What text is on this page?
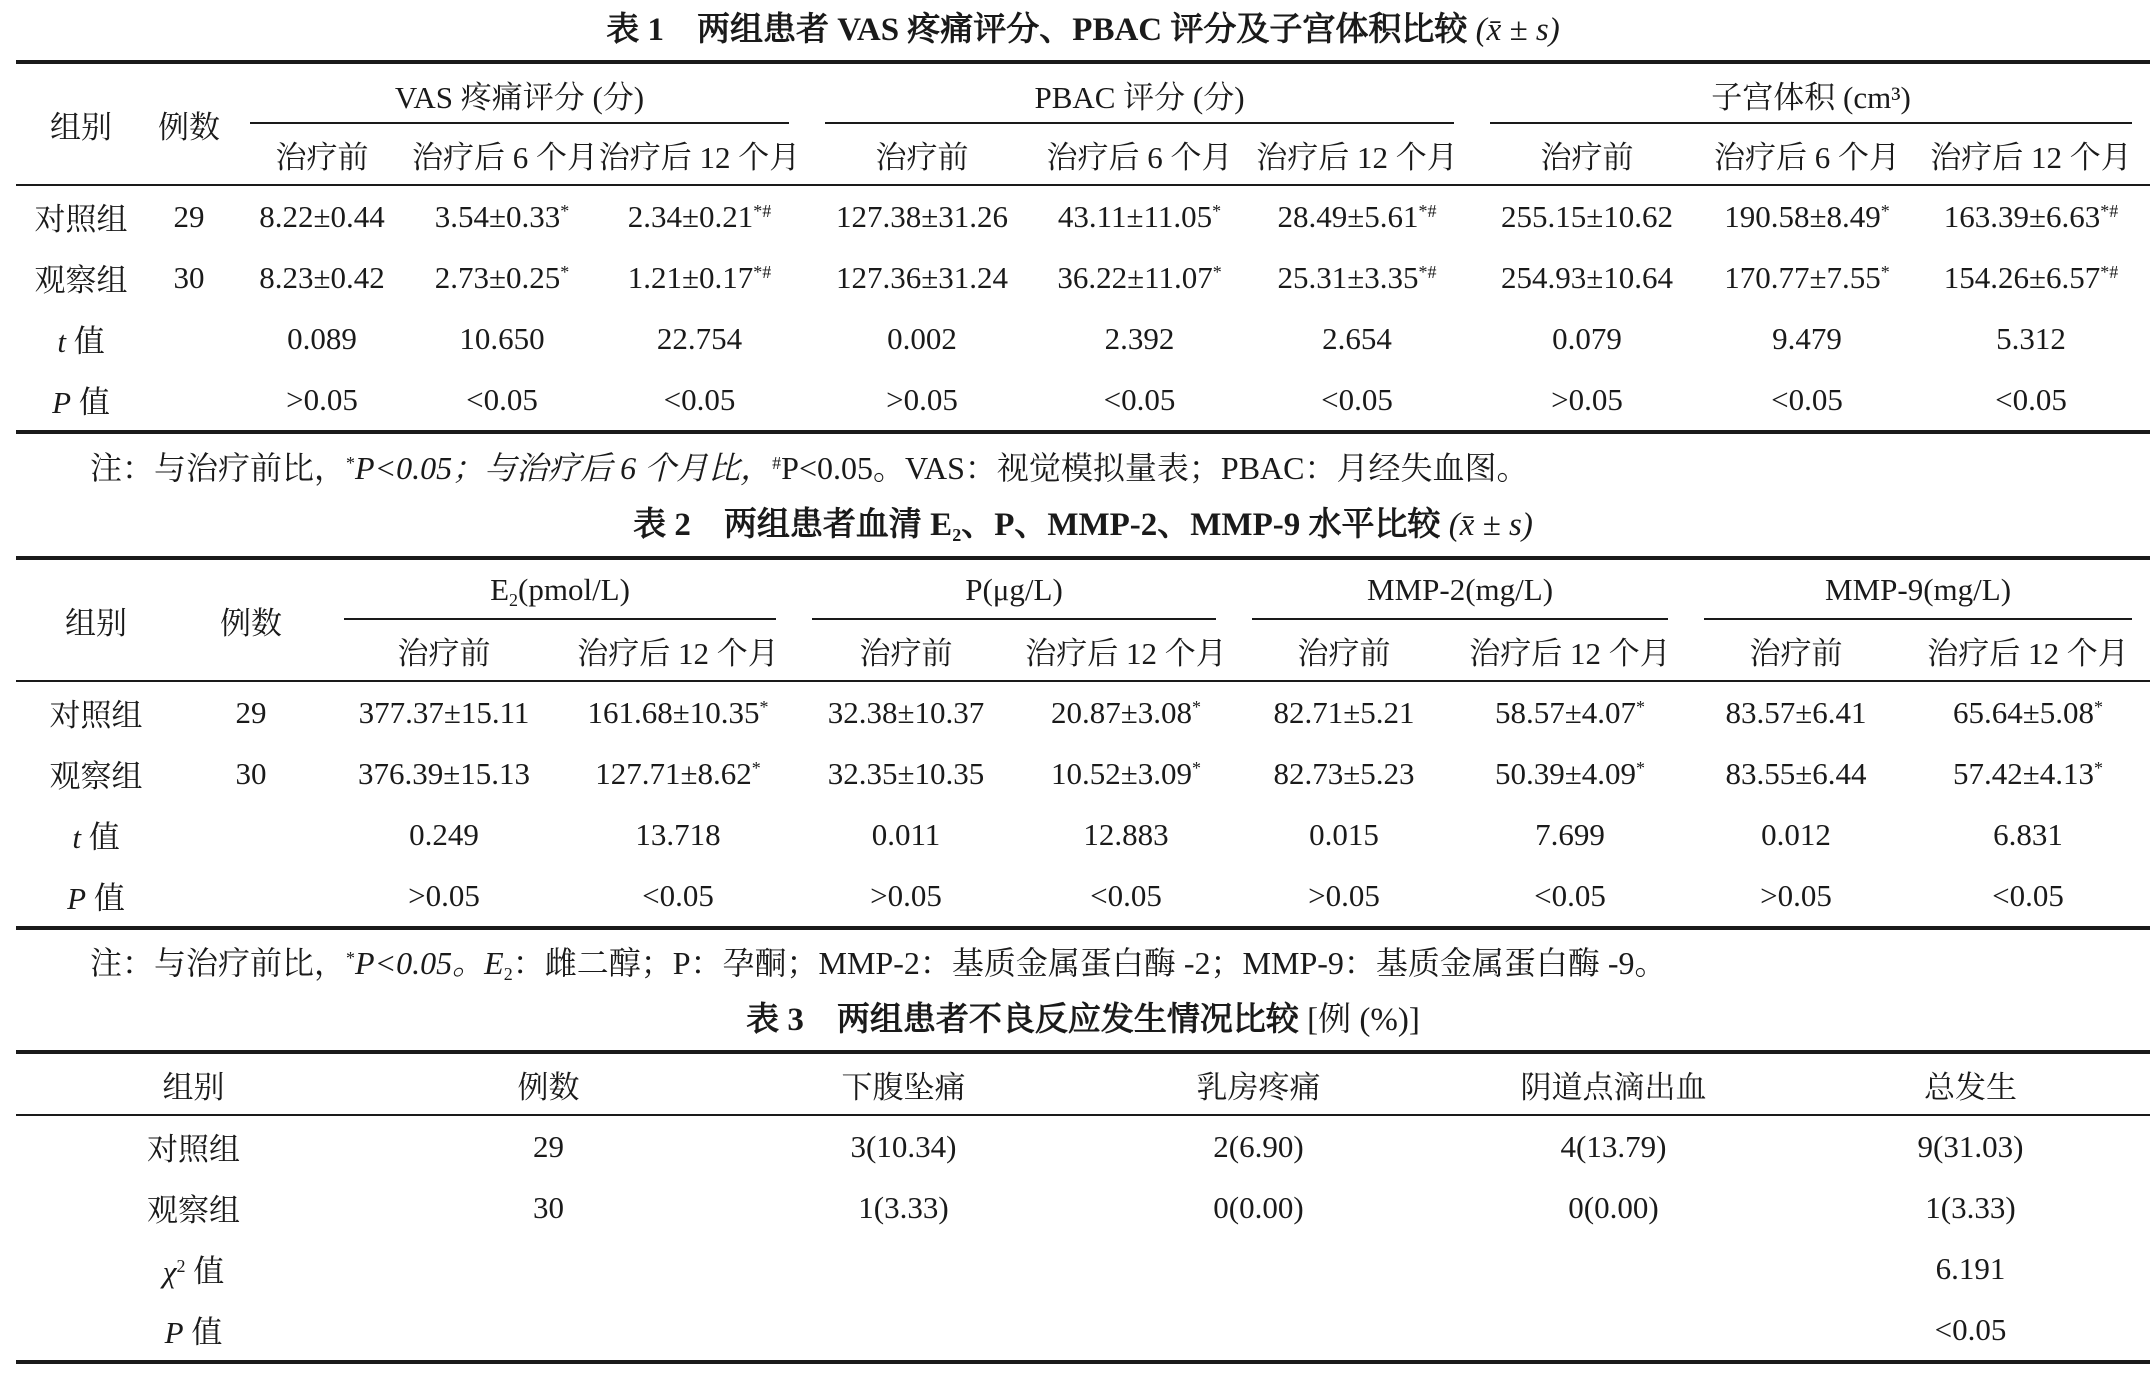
表 1　两组患者 VAS 疼痛评分、PBAC 评分及子宫体积比较 (x̄ ± s)
组别	例数	VAS 疼痛评分 (分)			PBAC 评分 (分)			子宫体积 (cm³)		
		治疗前	治疗后 6 个月	治疗后 12 个月	治疗前	治疗后 6 个月	治疗后 12 个月	治疗前	治疗后 6 个月	治疗后 12 个月
对照组	29	8.22±0.44	3.54±0.33*	2.34±0.21*#	127.38±31.26	43.11±11.05*	28.49±5.61*#	255.15±10.62	190.58±8.49*	163.39±6.63*#
观察组	30	8.23±0.42	2.73±0.25*	1.21±0.17*#	127.36±31.24	36.22±11.07*	25.31±3.35*#	254.93±10.64	170.77±7.55*	154.26±6.57*#
t 值		0.089	10.650	22.754	0.002	2.392	2.654	0.079	9.479	5.312
P 值		>0.05	<0.05	<0.05	>0.05	<0.05	<0.05	>0.05	<0.05	<0.05
注：与治疗前比，*P<0.05；与治疗后 6 个月比，#P<0.05。VAS：视觉模拟量表；PBAC：月经失血图。
表 2　两组患者血清 $E_2$、P、MMP-2、MMP-9 水平比较 (x̄ ± s)
组别	例数	$E_2(pmol/L)$		P(μg/L)		MMP-2(mg/L)		MMP-9(mg/L)	
		治疗前	治疗后 12 个月	治疗前	治疗后 12 个月	治疗前	治疗后 12 个月	治疗前	治疗后 12 个月
对照组	29	377.37±15.11	161.68±10.35*	32.38±10.37	20.87±3.08*	82.71±5.21	58.57±4.07*	83.57±6.41	65.64±5.08*
观察组	30	376.39±15.13	127.71±8.62*	32.35±10.35	10.52±3.09*	82.73±5.23	50.39±4.09*	83.55±6.44	57.42±4.13*
t 值		0.249	13.718	0.011	12.883	0.015	7.699	0.012	6.831
P 值		>0.05	<0.05	>0.05	<0.05	>0.05	<0.05	>0.05	<0.05
注：与治疗前比，*P<0.05。$E_2$：雌二醇；P：孕酮；MMP-2：基质金属蛋白酶 -2；MMP-9：基质金属蛋白酶 -9。
表 3　两组患者不良反应发生情况比较 [例 (%)]
组别	例数	下腹坠痛	乳房疼痛	阴道点滴出血	总发生
对照组	29	3(10.34)	2(6.90)	4(13.79)	9(31.03)
观察组	30	1(3.33)	0(0.00)	0(0.00)	1(3.33)
$\chi^2$ 值					6.191
P 值					<0.05
